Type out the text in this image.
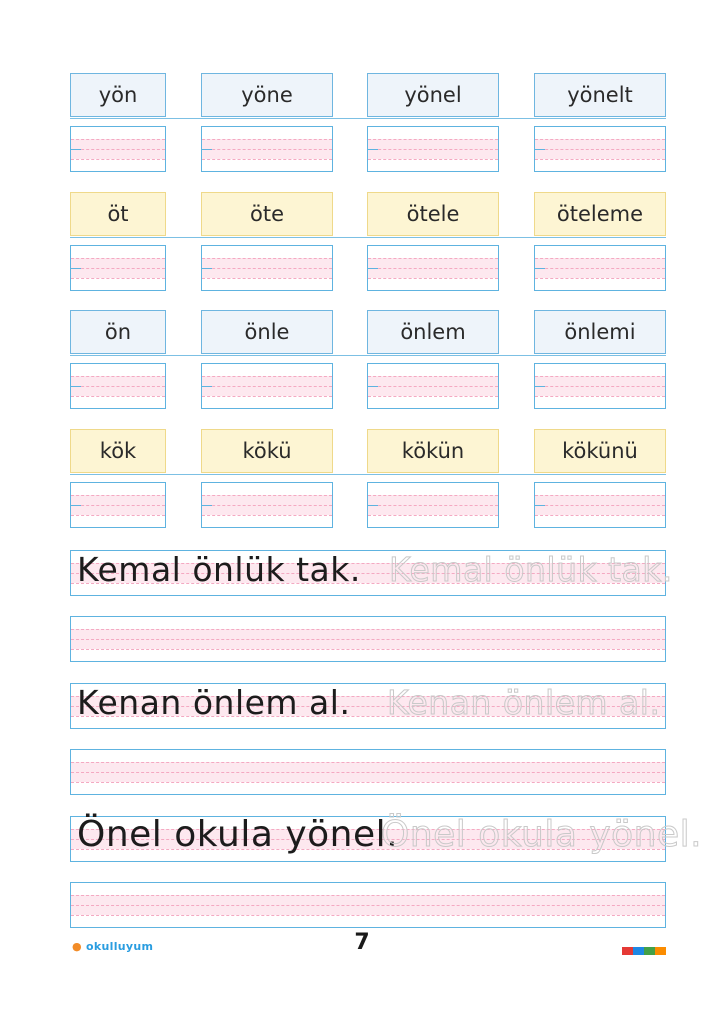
yön	yöne	yönel	yönelt
öt	öte	ötele	öteleme
ön	önle	önlem	önlemi
kök	kökü	kökün	kökünü
Kemal önlük tak. Kemal önlük tak.
Kenan önlem al. Kenan önlem al.
Önel okula yönel.
Önel okula yönel.
● okulluyum	7
